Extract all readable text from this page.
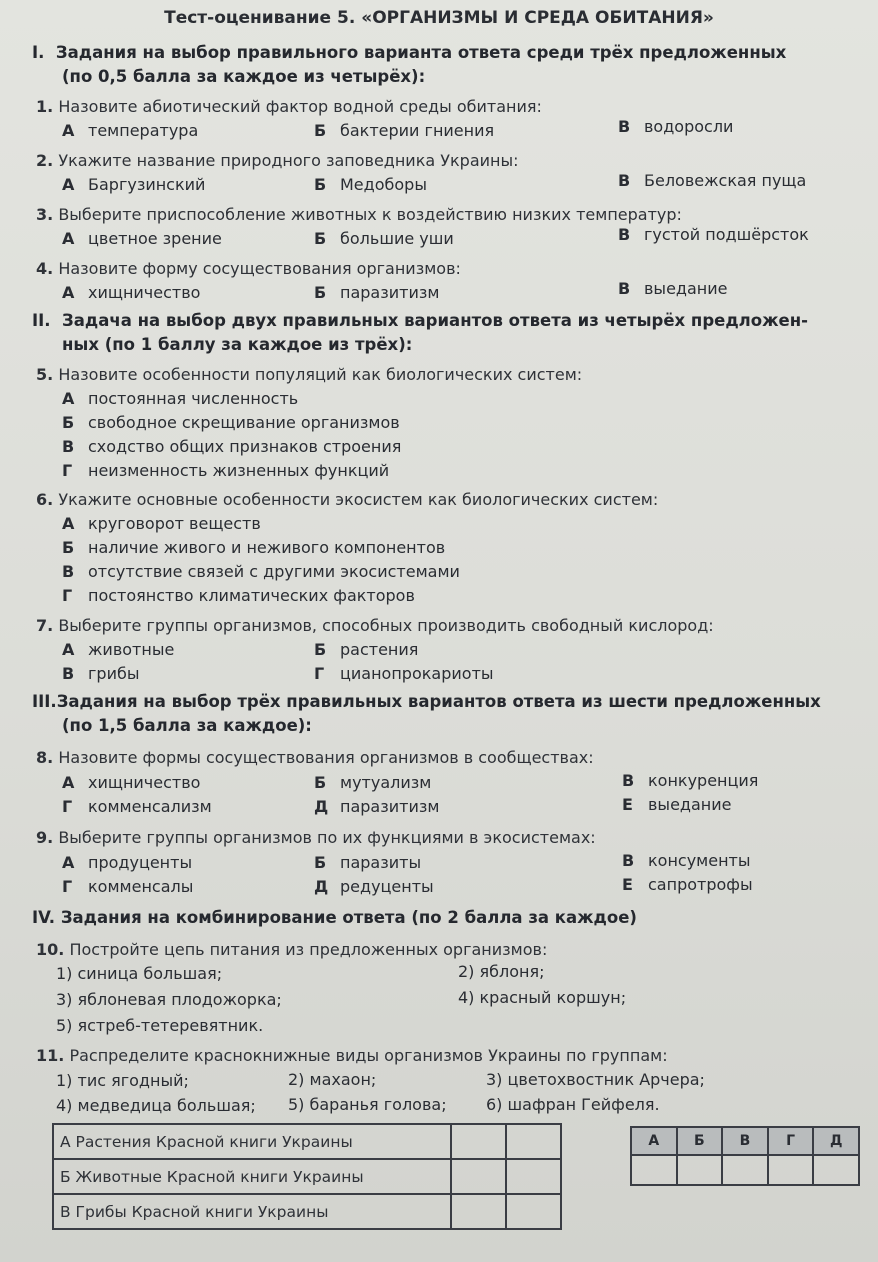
Тест-оценивание 5. «ОРГАНИЗМЫ И СРЕДА ОБИТАНИЯ»
I. Задания на выбор правильного варианта ответа среди трёх предложенных
(по 0,5 балла за каждое из четырёх):
1. Назовите абиотический фактор водной среды обитания:
А температура	Б бактерии гниения	В водоросли
2. Укажите название природного заповедника Украины:
А Баргузинский	Б Медоборы	В Беловежская пуща
3. Выберите приспособление животных к воздействию низких температур:
А цветное зрение	Б большие уши	В густой подшёрсток
4. Назовите форму сосуществования организмов:
А хищничество	Б паразитизм	В выедание
II. Задача на выбор двух правильных вариантов ответа из четырёх предложен-
ных (по 1 баллу за каждое из трёх):
5. Назовите особенности популяций как биологических систем:
А постоянная численность
Б свободное скрещивание организмов
В сходство общих признаков строения
Г неизменность жизненных функций
6. Укажите основные особенности экосистем как биологических систем:
А круговорот веществ
Б наличие живого и неживого компонентов
В отсутствие связей с другими экосистемами
Г постоянство климатических факторов
7. Выберите группы организмов, способных производить свободный кислород:
А животные	Б растения
В грибы	Г цианопрокариоты
III.Задания на выбор трёх правильных вариантов ответа из шести предложенных
(по 1,5 балла за каждое):
8. Назовите формы сосуществования организмов в сообществах:
А хищничество	Б мутуализм	В конкуренция
Г комменсализм	Д паразитизм	Е выедание
9. Выберите группы организмов по их функциями в экосистемах:
А продуценты	Б паразиты	В консументы
Г комменсалы	Д редуценты	Е сапротрофы
IV. Задания на комбинирование ответа (по 2 балла за каждое)
10. Постройте цепь питания из предложенных организмов:
1) синица большая;	2) яблоня;
3) яблоневая плодожорка;	4) красный коршун;
5) ястреб-тетеревятник.
11. Распределите краснокнижные виды организмов Украины по группам:
1) тис ягодный;	2) махаон;	3) цветохвостник Арчера;
4) медведица большая; 5) баранья голова; 6) шафран Гейфеля.
А Растения Красной книги Украины		
Б Животные Красной книги Украины		
В Грибы Красной книги Украины		
А	Б	В	Г	Д
